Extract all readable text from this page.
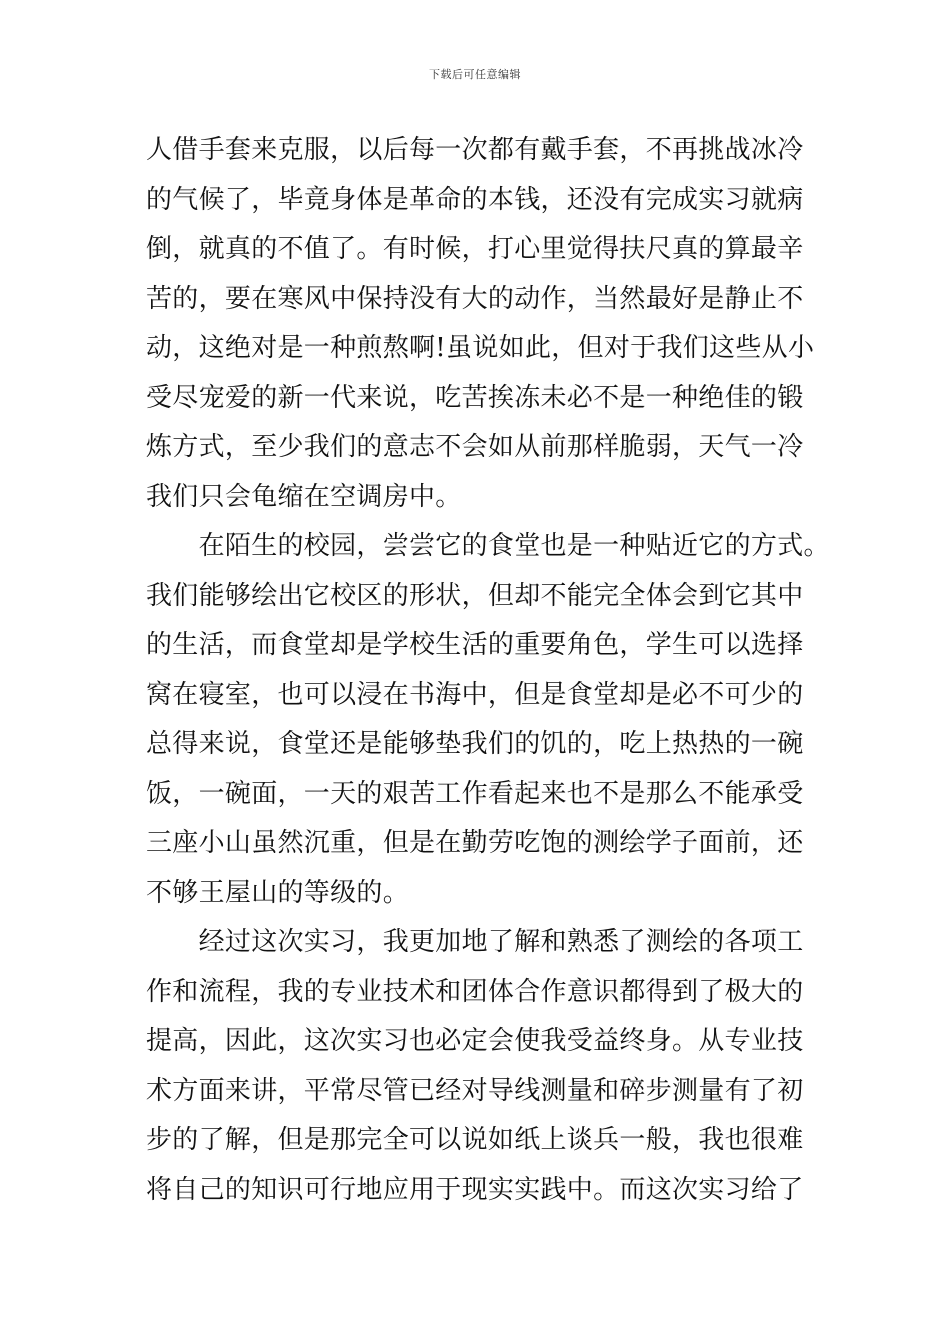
下载后可任意编辑
人借手套来克服，以后每一次都有戴手套，不再挑战冰冷
的气候了，毕竟身体是革命的本钱，还没有完成实习就病
倒，就真的不值了。有时候，打心里觉得扶尺真的算最辛
苦的，要在寒风中保持没有大的动作，当然最好是静止不
动，这绝对是一种煎熬啊!虽说如此，但对于我们这些从小
受尽宠爱的新一代来说，吃苦挨冻未必不是一种绝佳的锻
炼方式，至少我们的意志不会如从前那样脆弱，天气一冷
我们只会龟缩在空调房中。
　　在陌生的校园，尝尝它的食堂也是一种贴近它的方式。
我们能够绘出它校区的形状，但却不能完全体会到它其中
的生活，而食堂却是学校生活的重要角色，学生可以选择
窝在寝室，也可以浸在书海中，但是食堂却是必不可少的
总得来说，食堂还是能够垫我们的饥的，吃上热热的一碗
饭，一碗面，一天的艰苦工作看起来也不是那么不能承受
三座小山虽然沉重，但是在勤劳吃饱的测绘学子面前，还
不够王屋山的等级的。
　　经过这次实习，我更加地了解和熟悉了测绘的各项工
作和流程，我的专业技术和团体合作意识都得到了极大的
提高，因此，这次实习也必定会使我受益终身。从专业技
术方面来讲，平常尽管已经对导线测量和碎步测量有了初
步的了解，但是那完全可以说如纸上谈兵一般，我也很难
将自己的知识可行地应用于现实实践中。而这次实习给了
